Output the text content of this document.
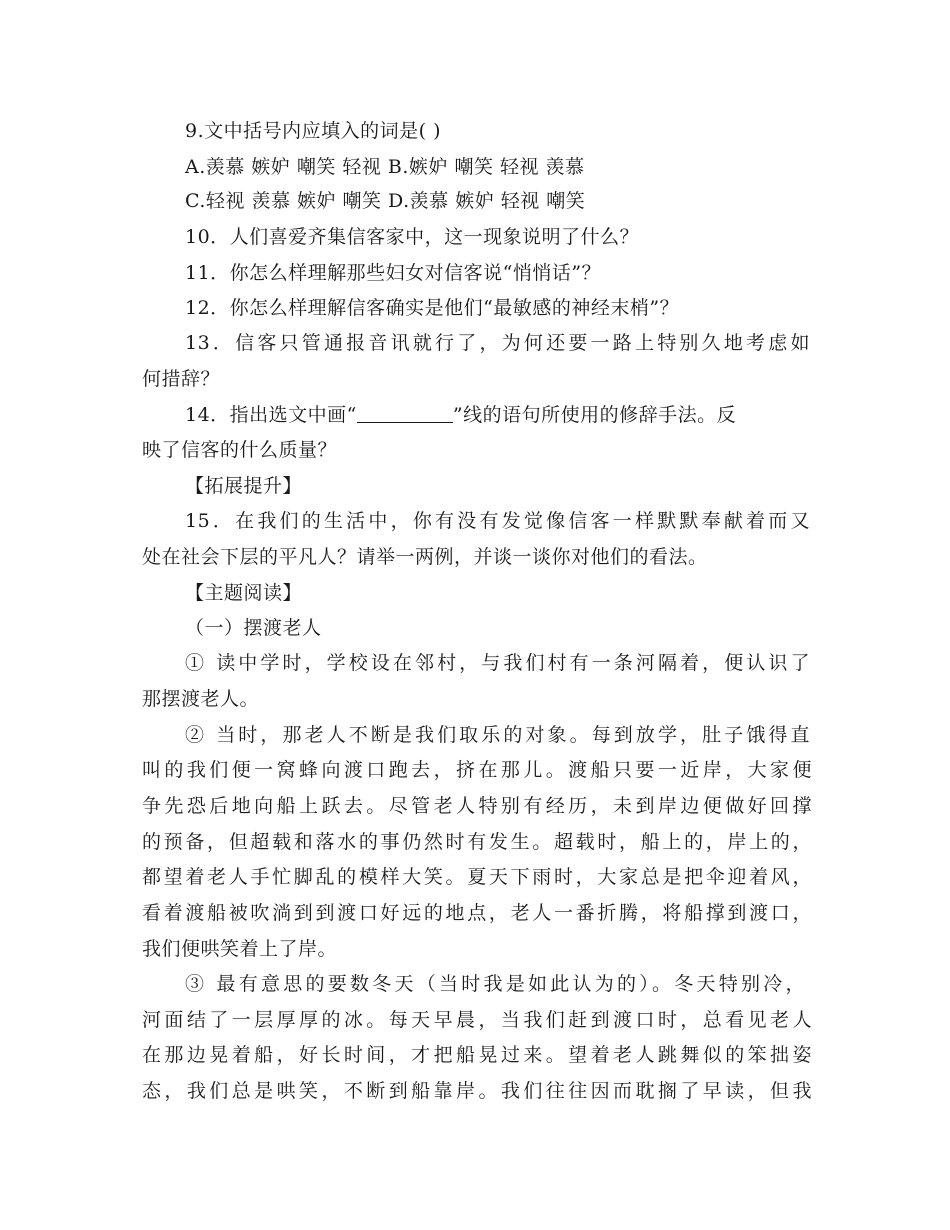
9.文中括号内应填入的词是( )
A.羡慕 嫉妒 嘲笑 轻视 B.嫉妒 嘲笑 轻视 羡慕
C.轻视 羡慕 嫉妒 嘲笑 D.羡慕 嫉妒 轻视 嘲笑
10．人们喜爱齐集信客家中，这一现象说明了什么？
11．你怎么样理解那些妇女对信客说“悄悄话”？
12．你怎么样理解信客确实是他们“最敏感的神经末梢”？
13．信客只管通报音讯就行了，为何还要一路上特别久地考虑如
何措辞？
14．指出选文中画“	”线的语句所使用的修辞手法。反
映了信客的什么质量？
【拓展提升】
15．在我们的生活中，你有没有发觉像信客一样默默奉献着而又
处在社会下层的平凡人？请举一两例，并谈一谈你对他们的看法。
【主题阅读】
（一）摆渡老人
① 读中学时，学校设在邻村，与我们村有一条河隔着，便认识了
那摆渡老人。
② 当时，那老人不断是我们取乐的对象。每到放学，肚子饿得直
叫的我们便一窝蜂向渡口跑去，挤在那儿。渡船只要一近岸，大家便
争先恐后地向船上跃去。尽管老人特别有经历，未到岸边便做好回撑
的预备，但超载和落水的事仍然时有发生。超载时，船上的，岸上的，
都望着老人手忙脚乱的模样大笑。夏天下雨时，大家总是把伞迎着风，
看着渡船被吹淌到到渡口好远的地点，老人一番折腾，将船撑到渡口，
我们便哄笑着上了岸。
③ 最有意思的要数冬天（当时我是如此认为的）。冬天特别冷，
河面结了一层厚厚的冰。每天早晨，当我们赶到渡口时，总看见老人
在那边晃着船，好长时间，才把船晃过来。望着老人跳舞似的笨拙姿
态，我们总是哄笑，不断到船靠岸。我们往往因而耽搁了早读，但我
